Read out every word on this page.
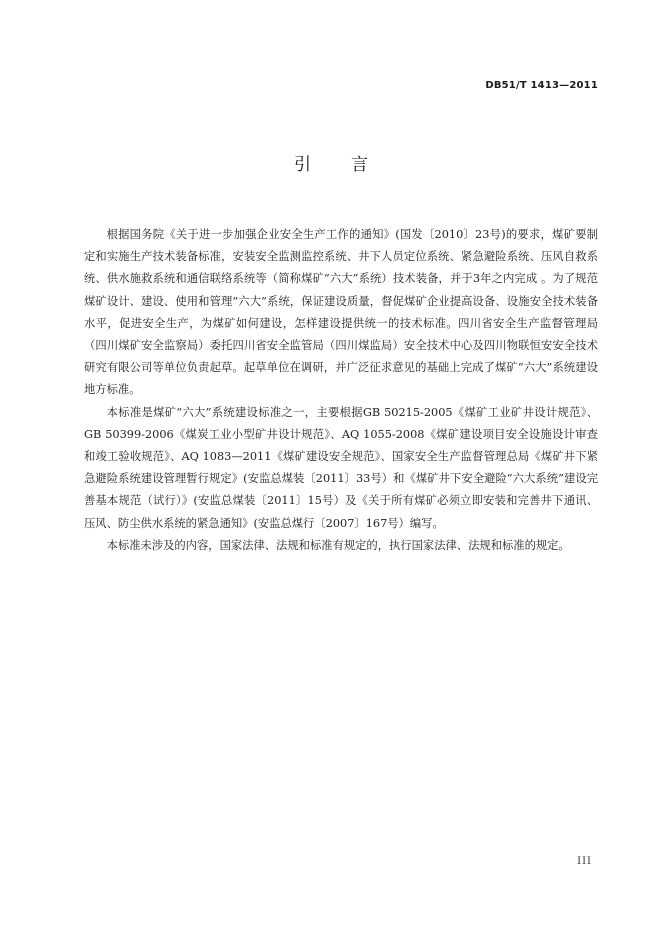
DB51/T 1413—2011
引言

根据国务院《关于进一步加强企业安全生产工作的通知》(国发〔2010〕23号)的要求，煤矿要制定和实施生产技术装备标准，安装安全监测监控系统、井下人员定位系统、紧急避险系统、压风自救系统、供水施救系统和通信联络系统等（简称煤矿“六大”系统）技术装备，并于3年之内完成 。为了规范煤矿设计、建设、使用和管理“六大”系统，保证建设质量，督促煤矿企业提高设备、设施安全技术装备水平，促进安全生产，为煤矿如何建设，怎样建设提供统一的技术标准。四川省安全生产监督管理局（四川煤矿安全监察局）委托四川省安全监管局（四川煤监局）安全技术中心及四川物联恒安安全技术研究有限公司等单位负责起草。起草单位在调研，并广泛征求意见的基础上完成了煤矿“六大”系统建设地方标准。

本标准是煤矿“六大”系统建设标准之一，主要根据GB 50215-2005《煤矿工业矿井设计规范》、GB 50399-2006《煤炭工业小型矿井设计规范》、AQ 1055-2008《煤矿建设项目安全设施设计审查和竣工验收规范》、AQ 1083—2011《煤矿建设安全规范》、国家安全生产监督管理总局《煤矿井下紧急避险系统建设管理暂行规定》(安监总煤装〔2011〕33号）和《煤矿井下安全避险“六大系统”建设完善基本规范（试行）》(安监总煤装〔2011〕15号）及《关于所有煤矿必须立即安装和完善井下通讯、压风、防尘供水系统的紧急通知》(安监总煤行〔2007〕167号）编写。

本标准未涉及的内容，国家法律、法规和标准有规定的，执行国家法律、法规和标准的规定。

III
